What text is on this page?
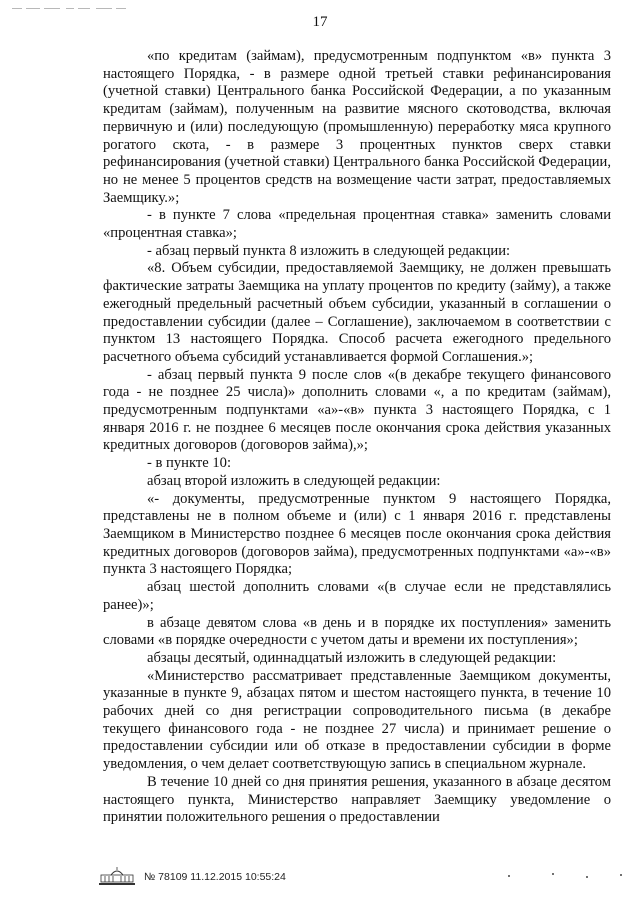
17

«по кредитам (займам), предусмотренным подпунктом «в» пункта 3 настоящего Порядка, - в размере одной третьей ставки рефинансирования (учетной ставки) Центрального банка Российской Федерации, а по указанным кредитам (займам), полученным на развитие мясного скотоводства, включая первичную и (или) последующую (промышленную) переработку мяса крупного рогатого скота, - в размере 3 процентных пунктов сверх ставки рефинансирования (учетной ставки) Центрального банка Российской Федерации, но не менее 5 процентов средств на возмещение части затрат, предоставляемых Заемщику.»;

- в пункте 7 слова «предельная процентная ставка» заменить словами «процентная ставка»;

- абзац первый пункта 8 изложить в следующей редакции:

«8. Объем субсидии, предоставляемой Заемщику, не должен превышать фактические затраты Заемщика на уплату процентов по кредиту (займу), а также ежегодный предельный расчетный объем субсидии, указанный в соглашении о предоставлении субсидии (далее – Соглашение), заключаемом в соответствии с пунктом 13 настоящего Порядка. Способ расчета ежегодного предельного расчетного объема субсидий устанавливается формой Соглашения.»;

- абзац первый пункта 9 после слов «(в декабре текущего финансового года - не позднее 25 числа)» дополнить словами «, а по кредитам (займам), предусмотренным подпунктами «а»-«в» пункта 3 настоящего Порядка, с 1 января 2016 г. не позднее 6 месяцев после окончания срока действия указанных кредитных договоров (договоров займа),»;

- в пункте 10:

абзац второй изложить в следующей редакции:

«- документы, предусмотренные пунктом 9 настоящего Порядка, представлены не в полном объеме и (или) с 1 января 2016 г. представлены Заемщиком в Министерство позднее 6 месяцев после окончания срока действия кредитных договоров (договоров займа), предусмотренных подпунктами «а»-«в» пункта 3 настоящего Порядка;

абзац шестой дополнить словами «(в случае если не представлялись ранее)»;

в абзаце девятом слова «в день и в порядке их поступления» заменить словами «в порядке очередности с учетом даты и времени их поступления»;

абзацы десятый, одиннадцатый изложить в следующей редакции:

«Министерство рассматривает представленные Заемщиком документы, указанные в пункте 9, абзацах пятом и шестом настоящего пункта, в течение 10 рабочих дней со дня регистрации сопроводительного письма (в декабре текущего финансового года - не позднее 27 числа) и принимает решение о предоставлении субсидии или об отказе в предоставлении субсидии в форме уведомления, о чем делает соответствующую запись в специальном журнале.

В течение 10 дней со дня принятия решения, указанного в абзаце десятом настоящего пункта, Министерство направляет Заемщику уведомление о принятии положительного решения о предоставлении

№ 78109 11.12.2015 10:55:24
